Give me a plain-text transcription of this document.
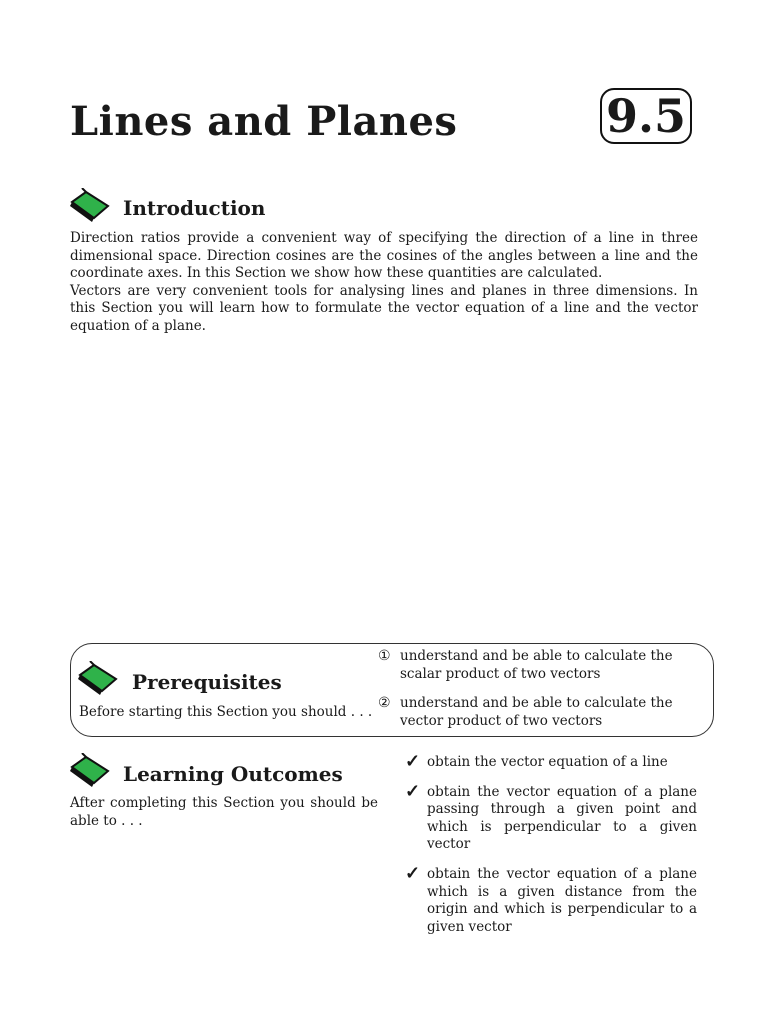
Lines and Planes	9.5
Introduction

Direction ratios provide a convenient way of specifying the direction of a line in three dimensional space. Direction cosines are the cosines of the angles between a line and the coordinate axes. In this Section we show how these quantities are calculated.

Vectors are very convenient tools for analysing lines and planes in three dimensions. In this Section you will learn how to formulate the vector equation of a line and the vector equation of a plane.

Prerequisites
Before starting this Section you should . . .
① understand and be able to calculate the scalar product of two vectors
② understand and be able to calculate the vector product of two vectors
Learning Outcomes
After completing this Section you should be able to . . .
✓ obtain the vector equation of a line
✓ obtain the vector equation of a plane passing through a given point and which is perpendicular to a given vector
✓ obtain the vector equation of a plane which is a given distance from the origin and which is perpendicular to a given vector
